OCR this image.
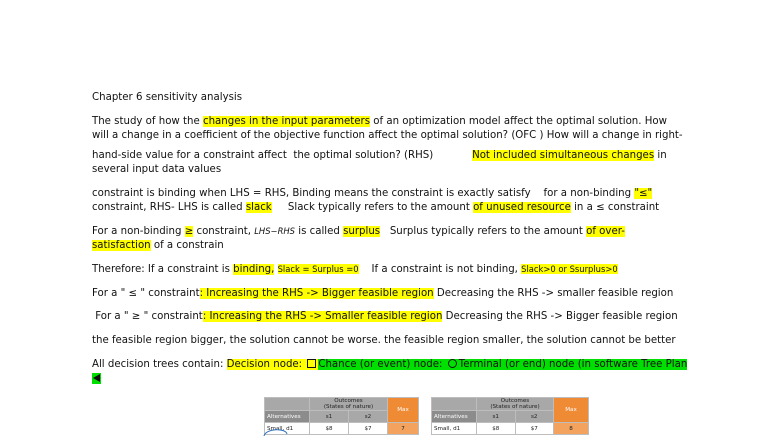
Chapter 6 sensitivity analysis
The study of how the changes in the input parameters of an optimization model affect the optimal solution. How
will a change in a coefficient of the objective function affect the optimal solution? (OFC ) How will a change in right-
hand-side value for a constraint affect  the optimal solution? (RHS)            Not included simultaneous changes in
several input data values
constraint is binding when LHS = RHS, Binding means the constraint is exactly satisfy    for a non-binding "≤"
constraint, RHS- LHS is called slack     Slack typically refers to the amount of unused resource in a ≤ constraint
For a non-binding ≥ constraint, LHS−RHS is called surplus   Surplus typically refers to the amount of over-
satisfaction of a constrain
Therefore: If a constraint is binding, Slack = Surplus =0    If a constraint is not binding, Slack>0 or Ssurplus>0
For a " ≤ " constraint: Increasing the RHS -> Bigger feasible region Decreasing the RHS -> smaller feasible region
For a " ≥ " constraint: Increasing the RHS -> Smaller feasible region Decreasing the RHS -> Bigger feasible region
the feasible region bigger, the solution cannot be worse. the feasible region smaller, the solution cannot be better
All decision trees contain: Decision node: Chance (or event) node: Terminal (or end) node (in software Tree Plan

	Outcomes
(States of nature)		Max
Alternatives	s1	s2	
Small, d1	$8	$7	7

	Outcomes
(States of nature)		Max
Alternatives	s1	s2	
Small, d1	$8	$7	8
